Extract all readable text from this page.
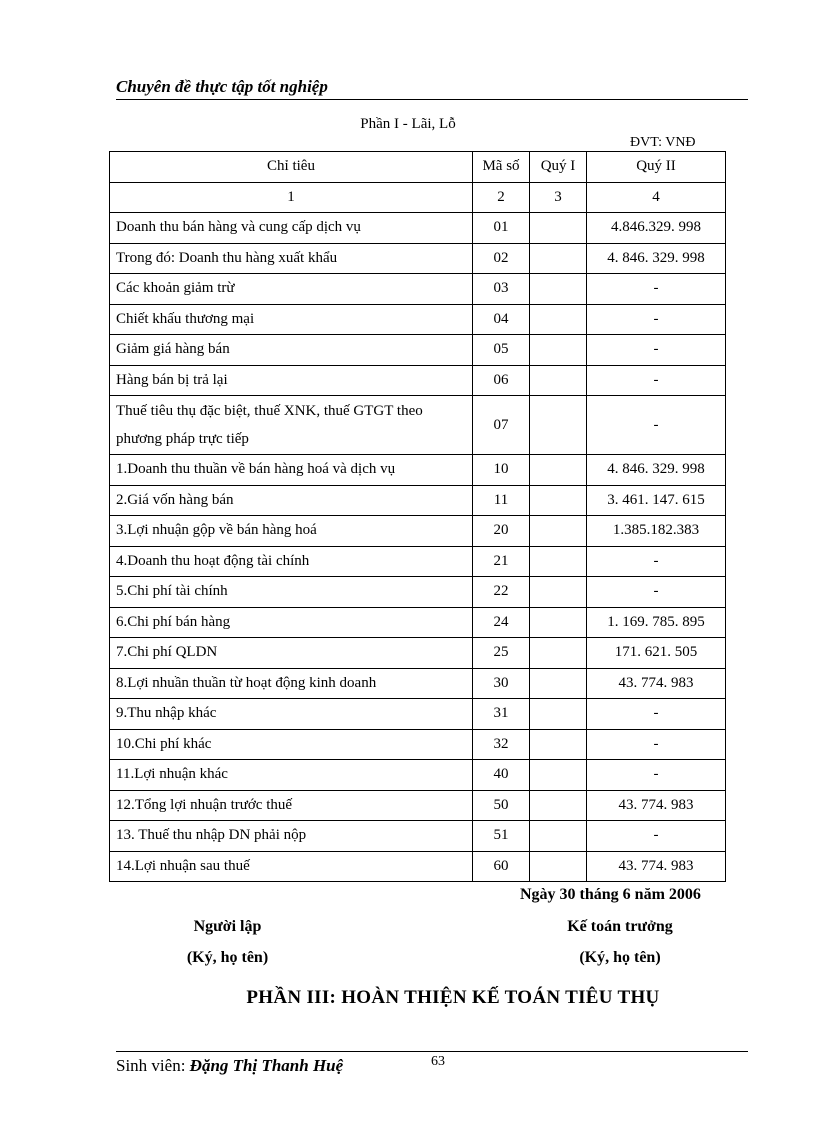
Chuyên đề thực tập tốt nghiệp
Phần I - Lãi, Lỗ
ĐVT: VNĐ
Chỉ tiêu	Mã số	Quý I	Quý II
1	2	3	4
Doanh thu bán hàng và cung cấp dịch vụ	01		4.846.329. 998
Trong đó: Doanh thu hàng xuất khẩu	02		4. 846. 329. 998
Các khoản giảm trừ	03		-
Chiết khấu thương mại	04		-
Giảm giá hàng bán	05		-
Hàng bán bị trả lại	06		-
Thuế tiêu thụ đặc biệt, thuế XNK, thuế GTGT theo phương pháp trực tiếp	07		-
1.Doanh thu thuần về bán hàng hoá và dịch vụ	10		4. 846. 329. 998
2.Giá vốn hàng bán	11		3. 461. 147. 615
3.Lợi nhuận gộp về bán hàng hoá	20		1.385.182.383
4.Doanh thu hoạt động tài chính	21		-
5.Chi phí tài chính	22		-
6.Chi phí bán hàng	24		1. 169. 785. 895
7.Chi phí QLDN	25		171. 621. 505
8.Lợi nhuần thuần từ hoạt động kinh doanh	30		43. 774. 983
9.Thu nhập khác	31		-
10.Chi phí khác	32		-
11.Lợi nhuận khác	40		-
12.Tổng lợi nhuận trước thuế	50		43. 774. 983
13. Thuế thu nhập DN phải nộp	51		-
14.Lợi nhuận sau thuế	60		43. 774. 983
Ngày 30 tháng 6 năm 2006
Người lập
(Ký, họ tên)
Kế toán trưởng
(Ký, họ tên)
PHẦN III: HOÀN THIỆN KẾ TOÁN TIÊU THỤ
Sinh viên: Đặng Thị Thanh Huệ	63
